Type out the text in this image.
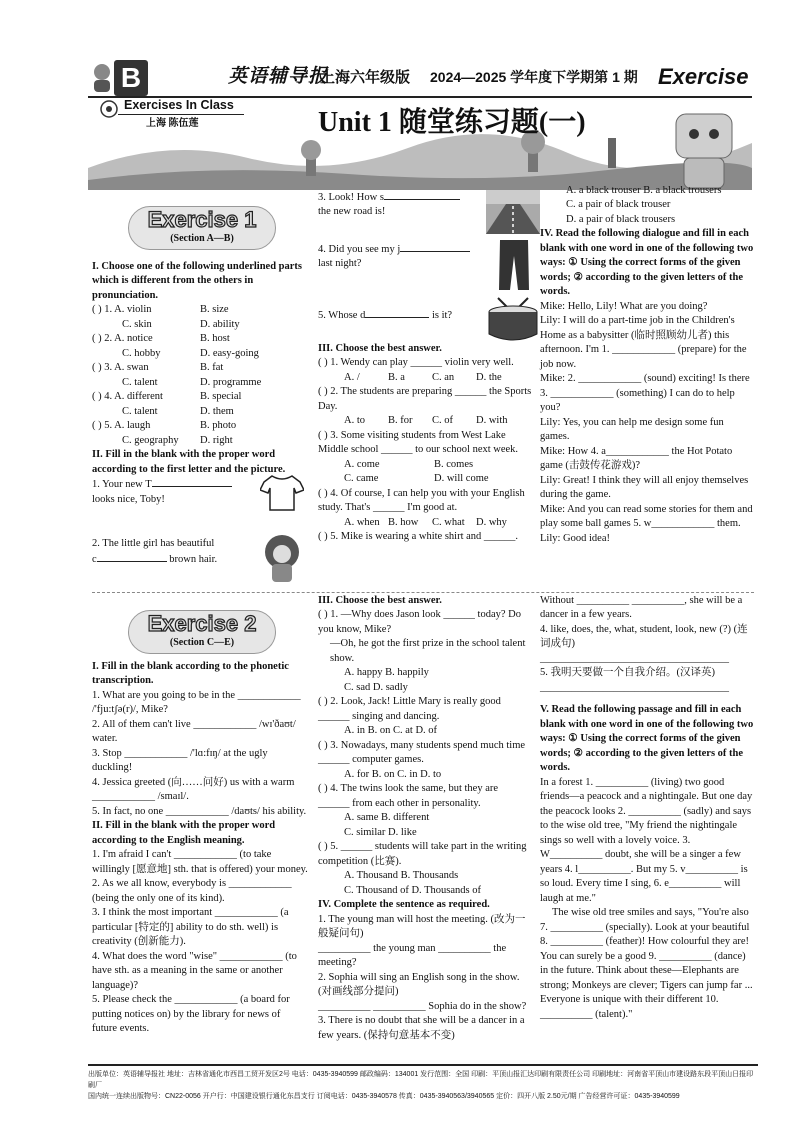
B	英语辅导报
上海六年级版 2024—2025 学年度下学期第 1 期 Exercise
Exercises In Class
上海 陈伍莲	Unit 1 随堂练习题(一)
Exercise 1
(Section A—B)

I. Choose one of the following underlined parts which is different from the others in pronunciation.

( ) 1. A. violin	B. size
C. skin	D. ability
( ) 2. A. notice	B. host
C. hobby	D. easy-going
( ) 3. A. swan	B. fat
C. talent	D. programme
( ) 4. A. different	B. special
C. talent	D. them
( ) 5. A. laugh	B. photo
C. geography	D. right

II. Fill in the blank with the proper word according to the first letter and the picture.

1. Your new T

looks nice, Toby!

2. The little girl has beautiful

c	brown hair.

3. Look! How s

the new road is!

4. Did you see my j

last night?

5. Whose d	is it?

III. Choose the best answer.

( ) 1. Wendy can play ______ violin very well.

A. /	B. a	C. an	D. the

( ) 2. The students are preparing ______ the Sports Day.

A. to	B. for	C. of	D. with

( ) 3. Some visiting students from West Lake Middle school ______ to our school next week.

A. come	B. comes
C. came	D. will come

( ) 4. Of course, I can help you with your English study. That's ______ I'm good at.

A. when B. how	C. what	D. why

( ) 5. Mike is wearing a white shirt and ______.

A. a black trouser B. a black trousers

C. a pair of black trouser

D. a pair of black trousers

IV. Read the following dialogue and fill in each blank with one word in one of the following two ways: ① Using the correct forms of the given words; ② according to the given letters of the words.

Mike: Hello, Lily! What are you doing?

Lily: I will do a part-time job in the Children's Home as a babysitter (临时照顾幼儿者) this afternoon. I'm 1. ____________ (prepare) for the job now.

Mike: 2. ____________ (sound) exciting! Is there 3. ____________ (something) I can do to help you?

Lily: Yes, you can help me design some fun games.

Mike: How 4. a____________ the Hot Potato game (击鼓传花游戏)?

Lily: Great! I think they will all enjoy themselves during the game.

Mike: And you can read some stories for them and play some ball games 5. w____________ them.

Lily: Good idea!

Exercise 2
(Section C—E)

I. Fill in the blank according to the phonetic transcription.

1. What are you going to be in the ____________ /'fju:tʃə(r)/, Mike?

2. All of them can't live ____________ /wɪ'ðaʊt/ water.

3. Stop ____________ /'lɑ:fɪŋ/ at the ugly duckling!

4. Jessica greeted (向……问好) us with a warm ____________ /smaɪl/.

5. In fact, no one ____________ /daʊts/ his ability.

II. Fill in the blank with the proper word according to the English meaning.

1. I'm afraid I can't ____________ (to take willingly [愿意地] sth. that is offered) your money.

2. As we all know, everybody is ____________ (being the only one of its kind).

3. I think the most important ____________ (a particular [特定的] ability to do sth. well) is creativity (创新能力).

4. What does the word "wise" ____________ (to have sth. as a meaning in the same or another language)?

5. Please check the ____________ (a board for putting notices on) by the library for news of future events.

III. Choose the best answer.

( ) 1. —Why does Jason look ______ today? Do you know, Mike?

—Oh, he got the first prize in the school talent show.

A. happy B. happily

C. sad D. sadly

( ) 2. Look, Jack! Little Mary is really good ______ singing and dancing.

A. in B. on C. at D. of

( ) 3. Nowadays, many students spend much time ______ computer games.

A. for B. on C. in D. to

( ) 4. The twins look the same, but they are ______ from each other in personality.

A. same B. different

C. similar D. like

( ) 5. ______ students will take part in the writing competition (比赛).

A. Thousand B. Thousands

C. Thousand of D. Thousands of

IV. Complete the sentence as required.

1. The young man will host the meeting. (改为一般疑问句)

__________ the young man __________ the meeting?

2. Sophia will sing an English song in the show. (对画线部分提问)

__________ __________ Sophia do in the show?

3. There is no doubt that she will be a dancer in a few years. (保持句意基本不变)

Without __________ __________, she will be a dancer in a few years.

4. like, does, the, what, student, look, new (?) (连词成句)

____________________________________

5. 我明天要做一个自我介绍。(汉译英)

____________________________________

V. Read the following passage and fill in each blank with one word in one of the following two ways: ① Using the correct forms of the given words; ② according to the given letters of the words.

In a forest 1. __________ (living) two good friends—a peacock and a nightingale. But one day the peacock looks 2. __________ (sadly) and says to the wise old tree, "My friend the nightingale sings so well with a lovely voice. 3. W__________ doubt, she will be a singer a few years 4. l__________. But my 5. v__________ is so loud. Every time I sing, 6. e__________ will laugh at me."

The wise old tree smiles and says, "You're also 7. __________ (specially). Look at your beautiful 8. __________ (feather)! How colourful they are! You can surely be a good 9. __________ (dance) in the future. Think about these—Elephants are strong; Monkeys are clever; Tigers can jump far ... Everyone is unique with their different 10. __________ (talent)."

出版单位：英语辅导报社 地址：吉林省通化市西昌工贸开发区2号 电话：0435-3940599 邮政编码：134001 发行范围：全国 印刷：平顶山报汇达印刷有限责任公司 印刷地址：河南省平顶山市建设路东段平顶山日报印刷厂

国内统一连续出版物号：CN22-0056 开户行：中国建设银行通化东昌支行 订阅电话：0435-3940578 传真：0435-3940563/3940565 定价：四开八版 2.50元/期 广告经营许可证：0435-3940599
